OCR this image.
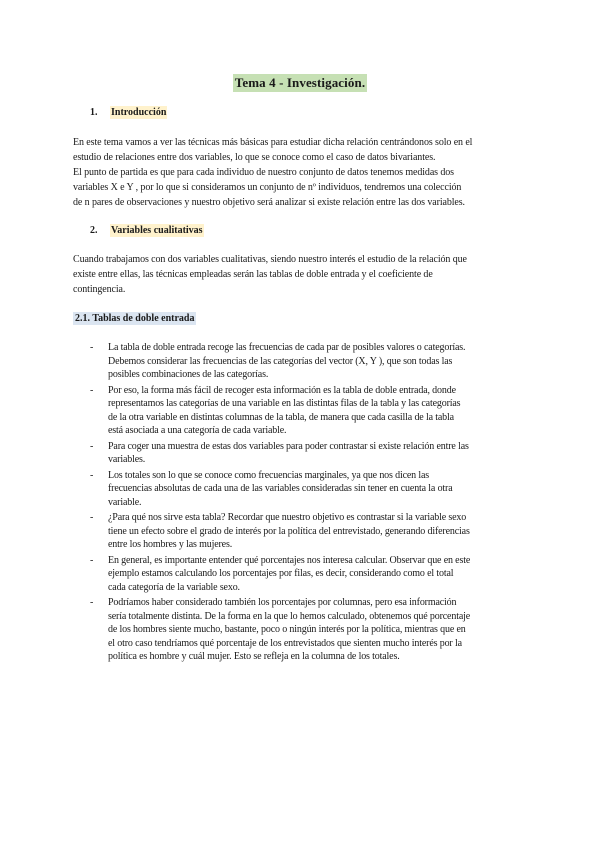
Tema 4 - Investigación.
1. Introducción
En este tema vamos a ver las técnicas más básicas para estudiar dicha relación centrándonos solo en el
estudio de relaciones entre dos variables, lo que se conoce como el caso de datos bivariantes.
El punto de partida es que para cada individuo de nuestro conjunto de datos tenemos medidas dos
variables X e Y , por lo que si consideramos un conjunto de nº individuos, tendremos una colección
de n pares de observaciones y nuestro objetivo será analizar si existe relación entre las dos variables.
2. Variables cualitativas
Cuando trabajamos con dos variables cualitativas, siendo nuestro interés el estudio de la relación que
existe entre ellas, las técnicas empleadas serán las tablas de doble entrada y el coeficiente de
contingencia.
2.1. Tablas de doble entrada
- La tabla de doble entrada recoge las frecuencias de cada par de posibles valores o categorías.
Debemos considerar las frecuencias de las categorías del vector (X, Y ), que son todas las
posibles combinaciones de las categorías.
- Por eso, la forma más fácil de recoger esta información es la tabla de doble entrada, donde
representamos las categorías de una variable en las distintas filas de la tabla y las categorías
de la otra variable en distintas columnas de la tabla, de manera que cada casilla de la tabla
está asociada a una categoría de cada variable.
- Para coger una muestra de estas dos variables para poder contrastar si existe relación entre las
variables.
- Los totales son lo que se conoce como frecuencias marginales, ya que nos dicen las
frecuencias absolutas de cada una de las variables consideradas sin tener en cuenta la otra
variable.
- ¿Para qué nos sirve esta tabla? Recordar que nuestro objetivo es contrastar si la variable sexo
tiene un efecto sobre el grado de interés por la política del entrevistado, generando diferencias
entre los hombres y las mujeres.
- En general, es importante entender qué porcentajes nos interesa calcular. Observar que en este
ejemplo estamos calculando los porcentajes por filas, es decir, considerando como el total
cada categoría de la variable sexo.
- Podríamos haber considerado también los porcentajes por columnas, pero esa información
sería totalmente distinta. De la forma en la que lo hemos calculado, obtenemos qué porcentaje
de los hombres siente mucho, bastante, poco o ningún interés por la política, mientras que en
el otro caso tendríamos qué porcentaje de los entrevistados que sienten mucho interés por la
política es hombre y cuál mujer. Esto se refleja en la columna de los totales.
